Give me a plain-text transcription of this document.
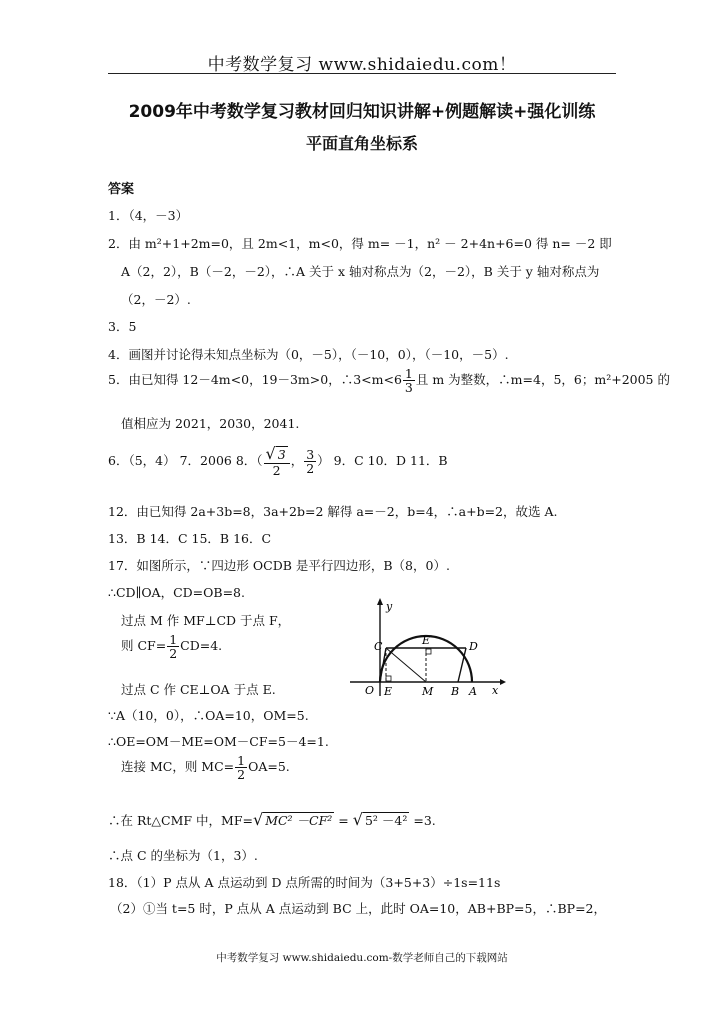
中考数学复习 www.shidaiedu.com！
2009年中考数学复习教材回归知识讲解+例题解读+强化训练
平面直角坐标系
答案
1．（4，－3）
2．由 m²+1+2m=0，且 2m<1，m<0，得 m= －1，n² － 2+4n+6=0 得 n= －2 即
A（2，2），B（－2，－2），∴A 关于 x 轴对称点为（2，－2），B 关于 y 轴对称点为
（2，－2）.
3．5
4．画图并讨论得未知点坐标为（0，－5），（－10，0），（－10，－5）.
5．由已知得 12－4m<0，19－3m>0，∴3<m<6 $\frac{1}{3}$ 且 m 为整数，∴m=4，5，6；m²+2005 的
值相应为 2021，2030，2041.
6．（5，4） 7．2006 8．（ $\frac{√ 3}{2}$ ， $\frac{3}{2}$ ） 9．C 10．D 11．B
12．由已知得 2a+3b=8，3a+2b=2 解得 a=－2，b=4，∴a+b=2，故选 A.
13．B 14．C 15．B 16．C
17．如图所示，∵四边形 OCDB 是平行四边形，B（8，0）.
∴CD∥OA，CD=OB=8.
过点 M 作 MF⊥CD 于点 F，
则 $CF= \frac{1}{2} CD=4$.
过点 C 作 CE⊥OA 于点 E.
∵A（10，0），∴OA=10，OM=5.
∴OE=OM－ME=OM－CF=5－4=1.
连接 MC，则 $MC= \frac{1}{2} OA=5$.
∴在 Rt△CMF 中，MF=√ MC² －CF² = √ 5² －4² =3.
∴点 C 的坐标为（1，3）.
18．（1）P 点从 A 点运动到 D 点所需的时间为（3+5+3）÷1s=11s
（2）①当 t=5 时，P 点从 A 点运动到 BC 上，此时 OA=10，AB+BP=5，∴BP=2，
y
x
O E	M B A
C	E	D
中考数学复习 www.shidaiedu.com-数学老师自己的下载网站
